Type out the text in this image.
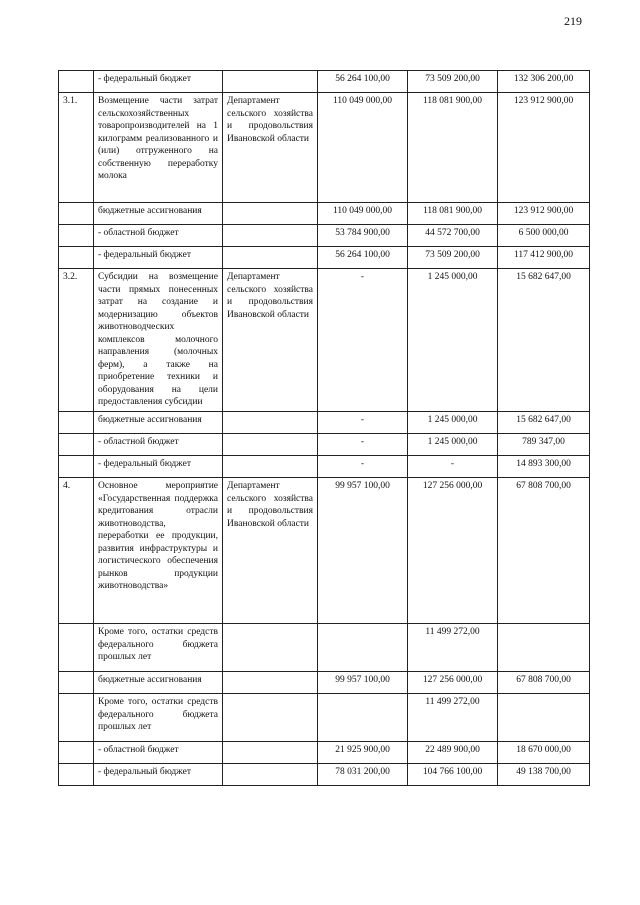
219
	- федеральный бюджет		56 264 100,00	73 509 200,00	132 306 200,00
3.1.	Возмещение части затрат сельскохозяйственных товаропроизводителей на 1 килограмм реализованного и (или) отгруженного на собственную переработку молока	Департамент сельского хозяйства и продовольствия Ивановской области	110 049 000,00	118 081 900,00	123 912 900,00
	бюджетные ассигнования		110 049 000,00	118 081 900,00	123 912 900,00
	- областной бюджет		53 784 900,00	44 572 700,00	6 500 000,00
	- федеральный бюджет		56 264 100,00	73 509 200,00	117 412 900,00
3.2.	Субсидии на возмещение части прямых понесенных затрат на создание и модернизацию объектов животноводческих комплексов молочного направления (молочных ферм), а также на приобретение техники и оборудования на цели предоставления субсидии	Департамент сельского хозяйства и продовольствия Ивановской области	-	1 245 000,00	15 682 647,00
	бюджетные ассигнования		-	1 245 000,00	15 682 647,00
	- областной бюджет		-	1 245 000,00	789 347,00
	- федеральный бюджет		-	-	14 893 300,00
4.	Основное мероприятие «Государственная поддержка кредитования отрасли животноводства, переработки ее продукции, развития инфраструктуры и логистического обеспечения рынков продукции животноводства»	Департамент сельского хозяйства и продовольствия Ивановской области	99 957 100,00	127 256 000,00	67 808 700,00
	Кроме того, остатки средств федерального бюджета прошлых лет			11 499 272,00	
	бюджетные ассигнования		99 957 100,00	127 256 000,00	67 808 700,00
	Кроме того, остатки средств федерального бюджета прошлых лет			11 499 272,00	
	- областной бюджет		21 925 900,00	22 489 900,00	18 670 000,00
	- федеральный бюджет		78 031 200,00	104 766 100,00	49 138 700,00
